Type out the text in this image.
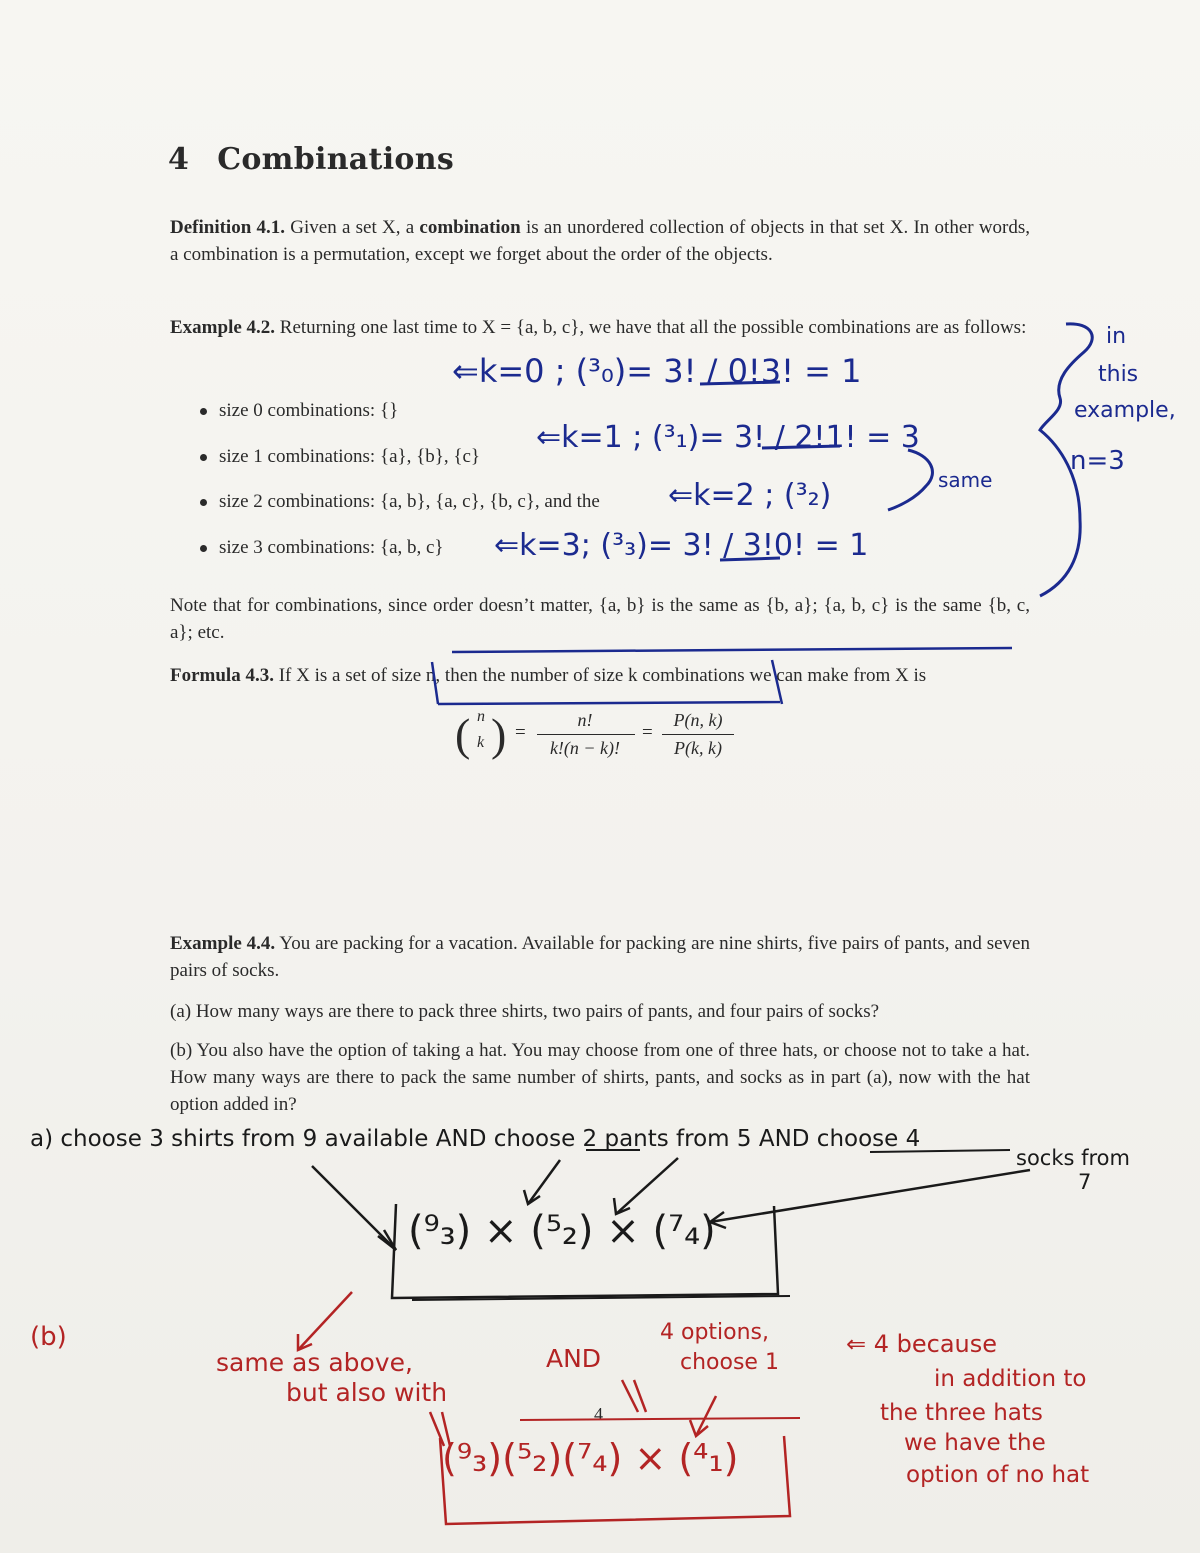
4 Combinations
Definition 4.1. Given a set X, a combination is an unordered collection of objects in that set X. In other words, a combination is a permutation, except we forget about the order of the objects.
Example 4.2. Returning one last time to X = {a, b, c}, we have that all the possible combinations are as follows:
size 0 combinations: {}
size 1 combinations: {a}, {b}, {c}
size 2 combinations: {a, b}, {a, c}, {b, c}, and the
size 3 combinations: {a, b, c}
Note that for combinations, since order doesn’t matter, {a, b} is the same as {b, a}; {a, b, c} is the same {b, c, a}; etc.
Formula 4.3. If X is a set of size n, then the number of size k combinations we can make from X is
( n
k ) =
n!
k!(n − k)!
=
P(n, k)
P(k, k)
Example 4.4. You are packing for a vacation. Available for packing are nine shirts, five pairs of pants, and seven pairs of socks.
(a) How many ways are there to pack three shirts, two pairs of pants, and four pairs of socks?
(b) You also have the option of taking a hat. You may choose from one of three hats, or choose not to take a hat. How many ways are there to pack the same number of shirts, pants, and socks as in part (a), now with the hat option added in?
4
⇐k=0 ; (³₀)= 3! / 0!3! = 1
⇐k=1 ; (³₁)= 3! / 2!1! = 3
⇐k=2 ; (³₂)	same
⇐k=3; (³₃)= 3! / 3!0! = 1
in
this
example,
n=3
a) choose 3 shirts from 9 available AND choose 2 pants from 5 AND choose 4
socks from
7
(⁹₃) × (⁵₂) × (⁷₄)
(b)
same as above,
but also with
AND
4 options,
choose 1
(⁹₃)(⁵₂)(⁷₄) × (⁴₁)
⇐ 4 because
in addition to
the three hats
we have the
option of no hat
